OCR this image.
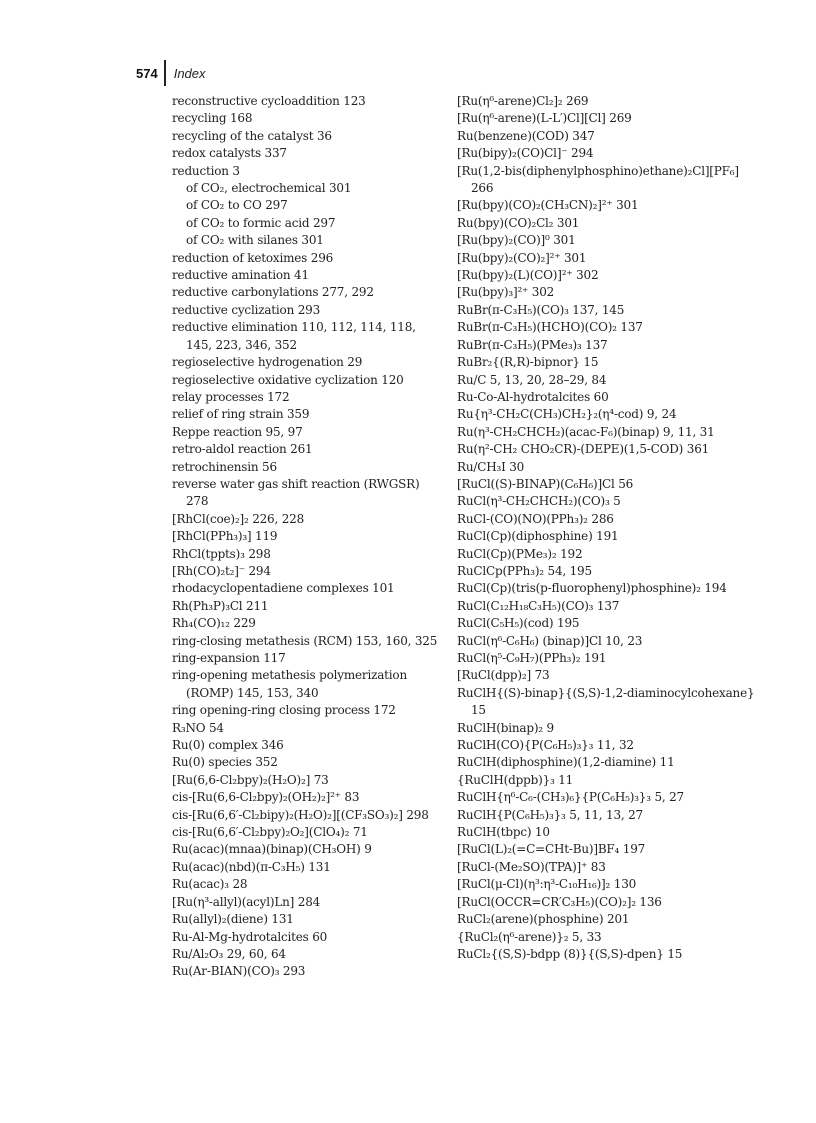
574 Index
reconstructive cycloaddition 123
recycling 168
recycling of the catalyst 36
redox catalysts 337
reduction 3
of CO₂, electrochemical 301
of CO₂ to CO 297
of CO₂ to formic acid 297
of CO₂ with silanes 301
reduction of ketoximes 296
reductive amination 41
reductive carbonylations 277, 292
reductive cyclization 293
reductive elimination 110, 112, 114, 118, 145, 223, 346, 352
regioselective hydrogenation 29
regioselective oxidative cyclization 120
relay processes 172
relief of ring strain 359
Reppe reaction 95, 97
retro-aldol reaction 261
retrochinensin 56
reverse water gas shift reaction (RWGSR) 278
[RhCl(coe)₂]₂ 226, 228
[RhCl(PPh₃)₃] 119
RhCl(tppts)₃ 298
[Rh(CO)₂t₂]⁻ 294
rhodacyclopentadiene complexes 101
Rh(Ph₃P)₃Cl 211
Rh₄(CO)₁₂ 229
ring-closing metathesis (RCM) 153, 160, 325
ring-expansion 117
ring-opening metathesis polymerization (ROMP) 145, 153, 340
ring opening-ring closing process 172
R₃NO 54
Ru(0) complex 346
Ru(0) species 352
[Ru(6,6-Cl₂bpy)₂(H₂O)₂] 73
cis-[Ru(6,6-Cl₂bpy)₂(OH₂)₂]²⁺ 83
cis-[Ru(6,6′-Cl₂bipy)₂(H₂O)₂][(CF₃SO₃)₂] 298
cis-[Ru(6,6′-Cl₂bpy)₂O₂](ClO₄)₂ 71
Ru(acac)(mnaa)(binap)(CH₃OH) 9
Ru(acac)(nbd)(π-C₃H₅) 131
Ru(acac)₃ 28
[Ru(η³-allyl)(acyl)Ln] 284
Ru(allyl)₂(diene) 131
Ru-Al-Mg-hydrotalcites 60
Ru/Al₂O₃ 29, 60, 64
Ru(Ar-BIAN)(CO)₃ 293
[Ru(η⁶-arene)Cl₂]₂ 269
[Ru(η⁶-arene)(L-L′)Cl][Cl] 269
Ru(benzene)(COD) 347
[Ru(bipy)₂(CO)Cl]⁻ 294
[Ru(1,2-bis(diphenylphosphino)ethane)₂Cl][PF₆] 266
[Ru(bpy)(CO)₂(CH₃CN)₂]²⁺ 301
Ru(bpy)(CO)₂Cl₂ 301
[Ru(bpy)₂(CO)]⁰ 301
[Ru(bpy)₂(CO)₂]²⁺ 301
[Ru(bpy)₂(L)(CO)]²⁺ 302
[Ru(bpy)₃]²⁺ 302
RuBr(π-C₃H₅)(CO)₃ 137, 145
RuBr(π-C₃H₅)(HCHO)(CO)₂ 137
RuBr(π-C₃H₅)(PMe₃)₃ 137
RuBr₂{(R,R)-bipnor} 15
Ru/C 5, 13, 20, 28–29, 84
Ru-Co-Al-hydrotalcites 60
Ru{η³-CH₂C(CH₃)CH₂}₂(η⁴-cod) 9, 24
Ru(η³-CH₂CHCH₂)(acac-F₆)(binap) 9, 11, 31
Ru(η²-CH₂ CHO₂CR)-(DEPE)(1,5-COD) 361
Ru/CH₃I 30
[RuCl((S)-BINAP)(C₆H₆)]Cl 56
RuCl(η³-CH₂CHCH₂)(CO)₃ 5
RuCl-(CO)(NO)(PPh₃)₂ 286
RuCl(Cp)(diphosphine) 191
RuCl(Cp)(PMe₃)₂ 192
RuClCp(PPh₃)₂ 54, 195
RuCl(Cp)(tris(p-fluorophenyl)phosphine)₂ 194
RuCl(C₁₂H₁₈C₃H₅)(CO)₃ 137
RuCl(C₅H₅)(cod) 195
RuCl(η⁶-C₆H₆) (binap)]Cl 10, 23
RuCl(η⁵-C₉H₇)(PPh₃)₂ 191
[RuCl(dpp)₂] 73
RuClH{(S)-binap}{(S,S)-1,2-diaminocylcohexane} 15
RuClH(binap)₂ 9
RuClH(CO){P(C₆H₅)₃}₃ 11, 32
RuClH(diphosphine)(1,2-diamine) 11
{RuClH(dppb)}₃ 11
RuClH{η⁶-C₆-(CH₃)₆}{P(C₆H₅)₃}₃ 5, 27
RuClH{P(C₆H₅)₃}₃ 5, 11, 13, 27
RuClH(tbpc) 10
[RuCl(L)₂(=C=CHt-Bu)]BF₄ 197
[RuCl-(Me₂SO)(TPA)]⁺ 83
[RuCl(μ-Cl)(η³:η³-C₁₀H₁₆)]₂ 130
[RuCl(OCCR=CR′C₃H₅)(CO)₂]₂ 136
RuCl₂(arene)(phosphine) 201
{RuCl₂(η⁶-arene)}₂ 5, 33
RuCl₂{(S,S)-bdpp (8)}{(S,S)-dpen} 15
